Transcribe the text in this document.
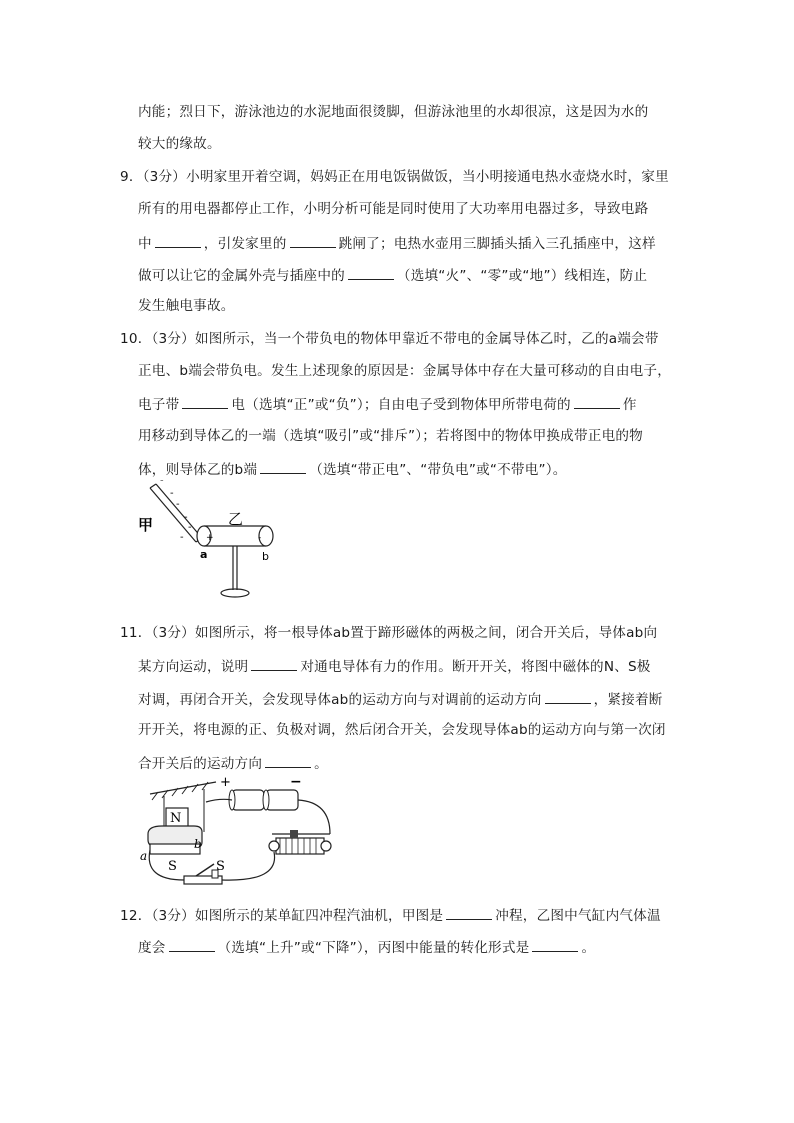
内能；烈日下，游泳池边的水泥地面很烫脚，但游泳池里的水却很凉，这是因为水的
较大的缘故。
9．（3分）小明家里开着空调，妈妈正在用电饭锅做饭，当小明接通电热水壶烧水时，家里
所有的用电器都停止工作，小明分析可能是同时使用了大功率用电器过多，导致电路
中	，引发家里的	跳闸了；电热水壶用三脚插头插入三孔插座中，这样
做可以让它的金属外壳与插座中的	（选填“火”、“零”或“地”）线相连，防止
发生触电事故。
10．（3分）如图所示，当一个带负电的物体甲靠近不带电的金属导体乙时，乙的a端会带
正电、b端会带负电。发生上述现象的原因是：金属导体中存在大量可移动的自由电子，
电子带	电（选填“正”或“负”）；自由电子受到物体甲所带电荷的	作
用移动到导体乙的一端（选填“吸引”或“排斥”）；若将图中的物体甲换成带正电的物
体，则导体乙的b端	（选填“带正电”、“带负电”或“不带电”）。
-
-
-
-
-
-
甲
+	-
乙
a	b
11．（3分）如图所示，将一根导体ab置于蹄形磁体的两极之间，闭合开关后，导体ab向
某方向运动，说明	对通电导体有力的作用。断开开关，将图中磁体的N、S极
对调，再闭合开关，会发现导体ab的运动方向与对调前的运动方向	，紧接着断
开开关，将电源的正、负极对调，然后闭合开关，会发现导体ab的运动方向与第一次闭
合开关后的运动方向	。
N
S
a
b
+	−
S
12．（3分）如图所示的某单缸四冲程汽油机，甲图是	冲程，乙图中气缸内气体温
度会	（选填“上升”或“下降”），丙图中能量的转化形式是	。
